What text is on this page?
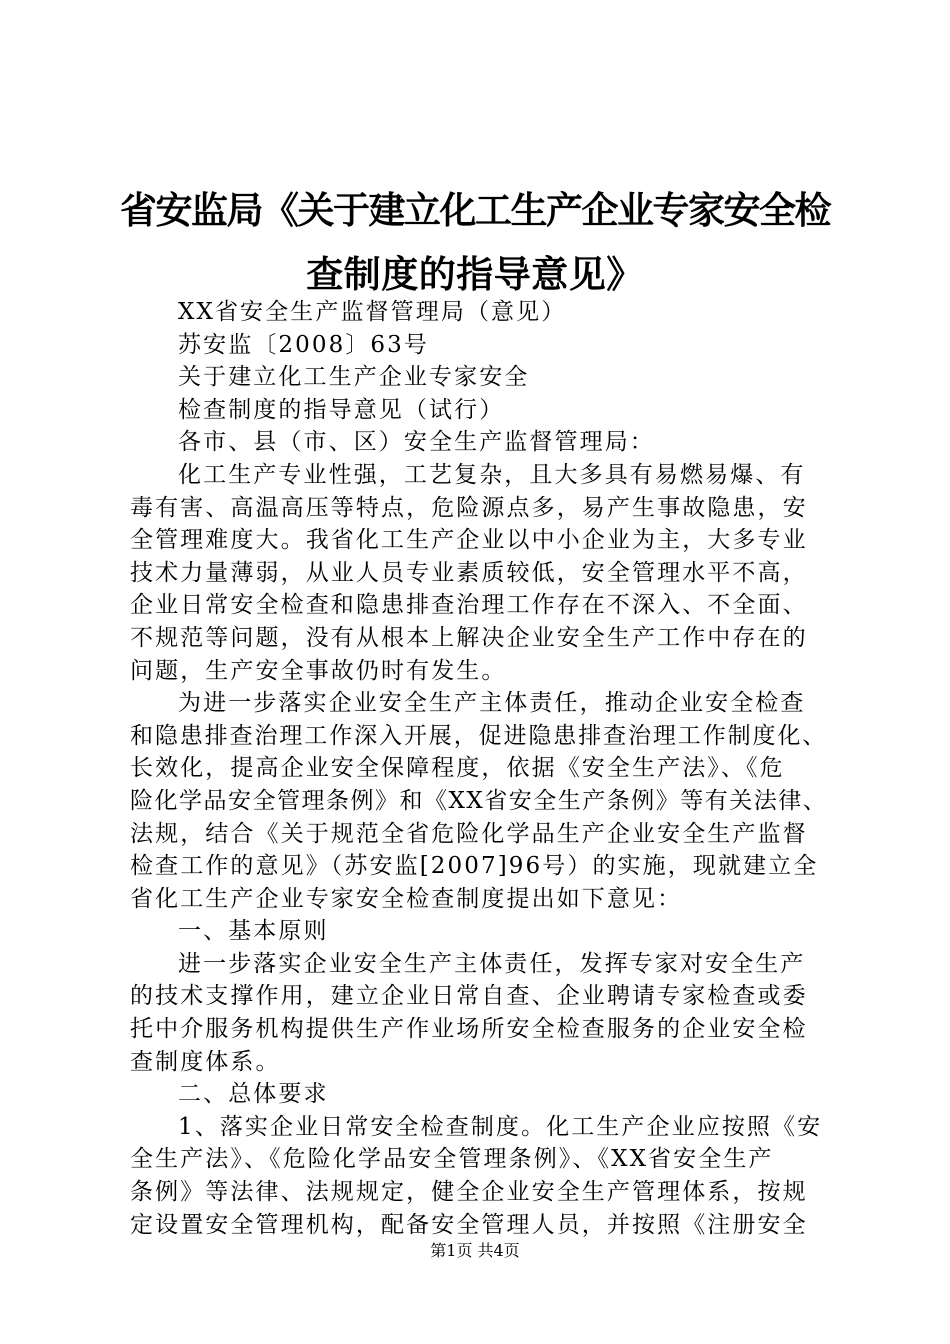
省安监局《关于建立化工生产企业专家安全检
查制度的指导意见》
XX省安全生产监督管理局（意见）
苏安监〔2008〕63号
关于建立化工生产企业专家安全
检查制度的指导意见（试行）
各市、县（市、区）安全生产监督管理局：
化工生产专业性强，工艺复杂，且大多具有易燃易爆、有
毒有害、高温高压等特点，危险源点多，易产生事故隐患，安
全管理难度大。我省化工生产企业以中小企业为主，大多专业
技术力量薄弱，从业人员专业素质较低，安全管理水平不高，
企业日常安全检查和隐患排查治理工作存在不深入、不全面、
不规范等问题，没有从根本上解决企业安全生产工作中存在的
问题，生产安全事故仍时有发生。
为进一步落实企业安全生产主体责任，推动企业安全检查
和隐患排查治理工作深入开展，促进隐患排查治理工作制度化、
长效化，提高企业安全保障程度，依据《安全生产法》、《危
险化学品安全管理条例》和《XX省安全生产条例》等有关法律、
法规，结合《关于规范全省危险化学品生产企业安全生产监督
检查工作的意见》（苏安监[2007]96号）的实施，现就建立全
省化工生产企业专家安全检查制度提出如下意见：
一、基本原则
进一步落实企业安全生产主体责任，发挥专家对安全生产
的技术支撑作用，建立企业日常自查、企业聘请专家检查或委
托中介服务机构提供生产作业场所安全检查服务的企业安全检
查制度体系。
二、总体要求
1、落实企业日常安全检查制度。化工生产企业应按照《安
全生产法》、《危险化学品安全管理条例》、《XX省安全生产
条例》等法律、法规规定，健全企业安全生产管理体系，按规
定设置安全管理机构，配备安全管理人员，并按照《注册安全
第1页 共4页
